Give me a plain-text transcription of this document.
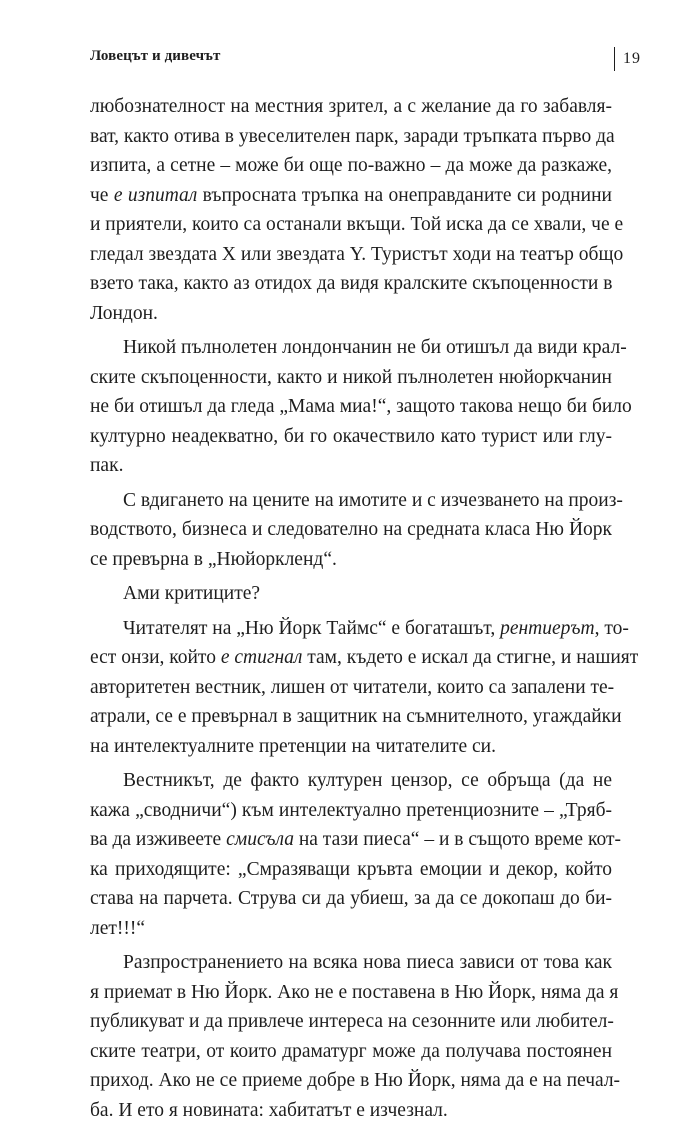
Ловецът и дивечът	19
любознателност на местния зрител, а с желание да го забавля-
ват, както отива в увеселителен парк, заради тръпката първо да
изпита, а сетне – може би още по-важно – да може да разкаже,
че е изпитал въпросната тръпка на онеправданите си роднини
и приятели, които са останали вкъщи. Той иска да се хвали, че е
гледал звездата X или звездата Y. Туристът ходи на театър общо
взето така, както аз отидох да видя кралските скъпоценности в
Лондон.
Никой пълнолетен лондончанин не би отишъл да види крал-
ските скъпоценности, както и никой пълнолетен нюйоркчанин
не би отишъл да гледа „Мама миа!“, защото такова нещо би било
културно неадекватно, би го окачествило като турист или глу-
пак.
С вдигането на цените на имотите и с изчезването на произ-
водството, бизнеса и следователно на средната класа Ню Йорк
се превърна в „Нюйоркленд“.
Ами критиците?
Читателят на „Ню Йорк Таймс“ е богаташът, рентиерът, то-
ест онзи, който е стигнал там, където е искал да стигне, и нашият
авторитетен вестник, лишен от читатели, които са запалени те-
атрали, се е превърнал в защитник на съмнителното, угаждайки
на интелектуалните претенции на читателите си.
Вестникът, де факто културен цензор, се обръща (да не
кажа „сводничи“) към интелектуално претенциозните – „Тряб-
ва да изживеете смисъла на тази пиеса“ – и в същото време кот-
ка приходящите: „Смразяващи кръвта емоции и декор, който
става на парчета. Струва си да убиеш, за да се докопаш до би-
лет!!!“
Разпространението на всяка нова пиеса зависи от това как
я приемат в Ню Йорк. Ако не е поставена в Ню Йорк, няма да я
публикуват и да привлече интереса на сезонните или любител-
ските театри, от които драматург може да получава постоянен
приход. Ако не се приеме добре в Ню Йорк, няма да е на печал-
ба. И ето я новината: хабитатът е изчезнал.
